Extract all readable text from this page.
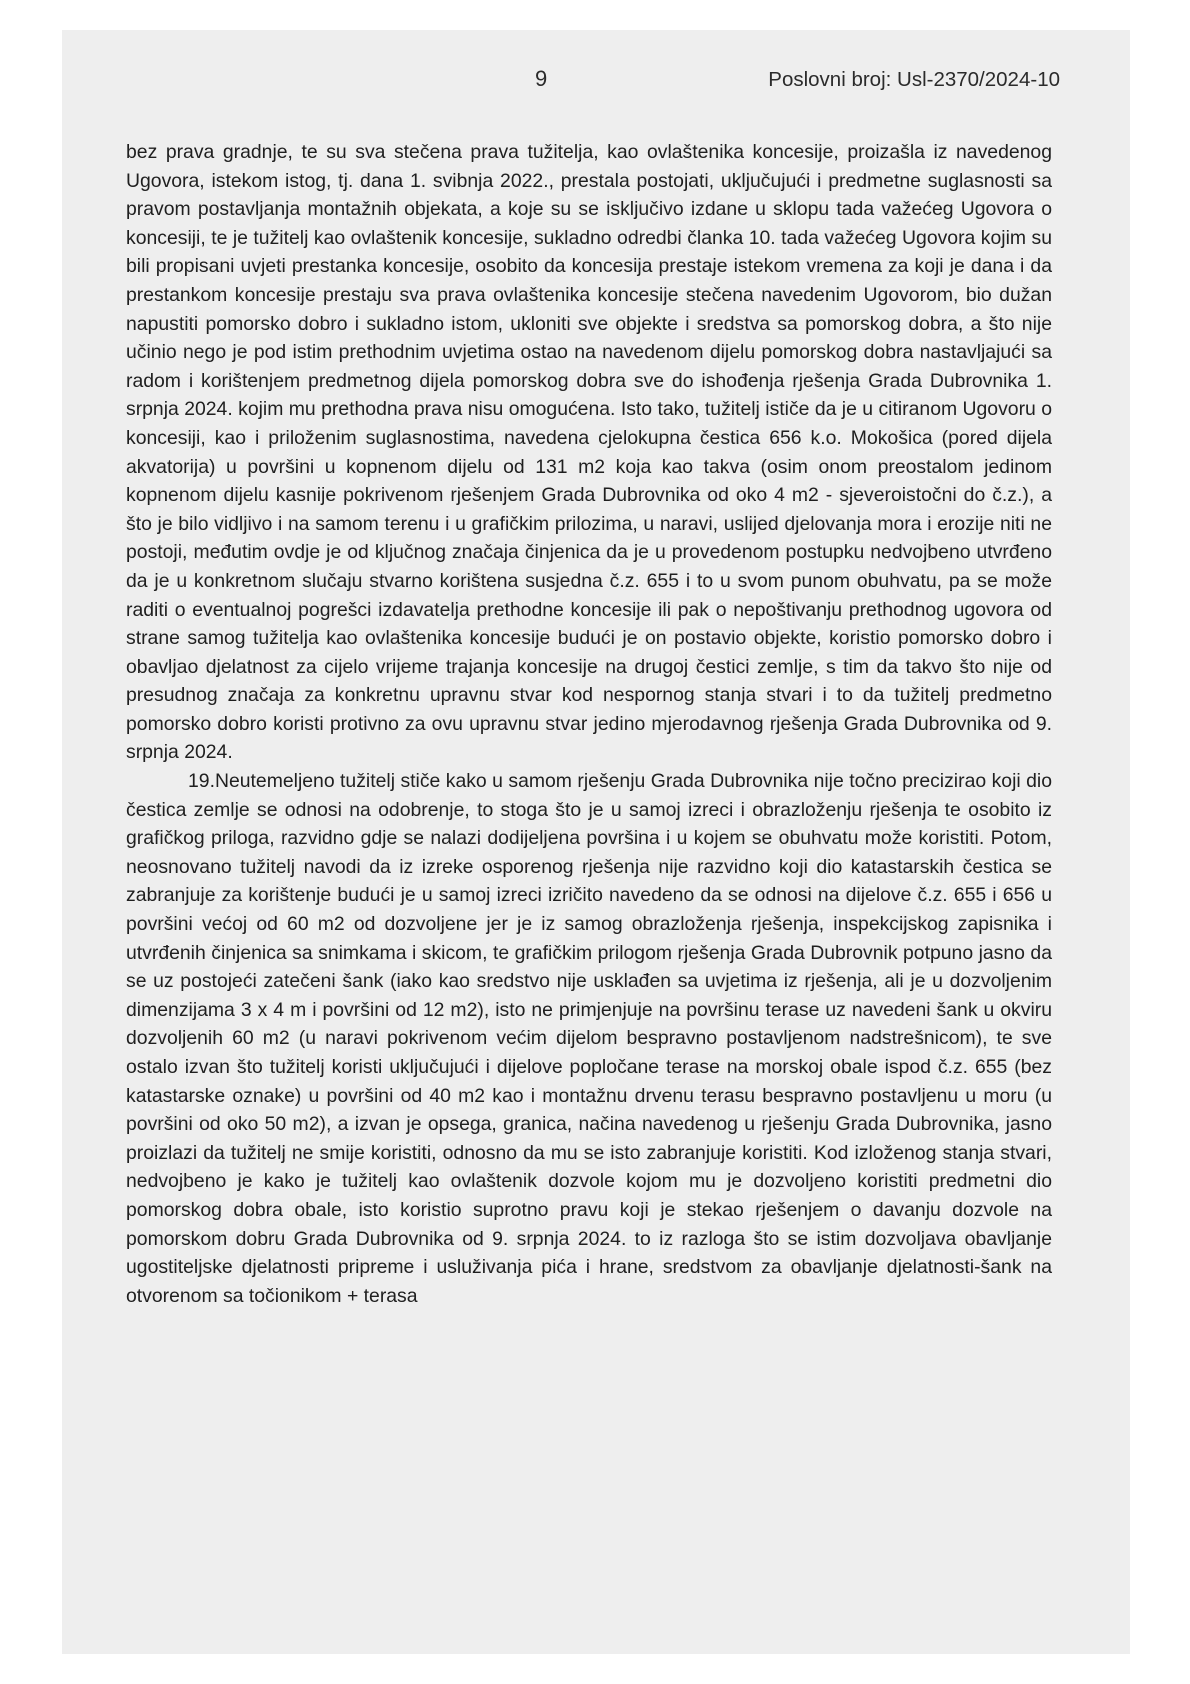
9	Poslovni broj: Usl-2370/2024-10

bez prava gradnje, te su sva stečena prava tužitelja, kao ovlaštenika koncesije, proizašla iz navedenog Ugovora, istekom istog, tj. dana 1. svibnja 2022., prestala postojati, uključujući i predmetne suglasnosti sa pravom postavljanja montažnih objekata, a koje su se isključivo izdane u sklopu tada važećeg Ugovora o koncesiji, te je tužitelj kao ovlaštenik koncesije, sukladno odredbi članka 10. tada važećeg Ugovora kojim su bili propisani uvjeti prestanka koncesije, osobito da koncesija prestaje istekom vremena za koji je dana i da prestankom koncesije prestaju sva prava ovlaštenika koncesije stečena navedenim Ugovorom, bio dužan napustiti pomorsko dobro i sukladno istom, ukloniti sve objekte i sredstva sa pomorskog dobra, a što nije učinio nego je pod istim prethodnim uvjetima ostao na navedenom dijelu pomorskog dobra nastavljajući sa radom i korištenjem predmetnog dijela pomorskog dobra sve do ishođenja rješenja Grada Dubrovnika 1. srpnja 2024. kojim mu prethodna prava nisu omogućena. Isto tako, tužitelj ističe da je u citiranom Ugovoru o koncesiji, kao i priloženim suglasnostima, navedena cjelokupna čestica 656 k.o. Mokošica (pored dijela akvatorija) u površini u kopnenom dijelu od 131 m2 koja kao takva (osim onom preostalom jedinom kopnenom dijelu kasnije pokrivenom rješenjem Grada Dubrovnika od oko 4 m2 - sjeveroistočni do č.z.), a što je bilo vidljivo i na samom terenu i u grafičkim prilozima, u naravi, uslijed djelovanja mora i erozije niti ne postoji, međutim ovdje je od ključnog značaja činjenica da je u provedenom postupku nedvojbeno utvrđeno da je u konkretnom slučaju stvarno korištena susjedna č.z. 655 i to u svom punom obuhvatu, pa se može raditi o eventualnoj pogrešci izdavatelja prethodne koncesije ili pak o nepoštivanju prethodnog ugovora od strane samog tužitelja kao ovlaštenika koncesije budući je on postavio objekte, koristio pomorsko dobro i obavljao djelatnost za cijelo vrijeme trajanja koncesije na drugoj čestici zemlje, s tim da takvo što nije od presudnog značaja za konkretnu upravnu stvar kod nespornog stanja stvari i to da tužitelj predmetno pomorsko dobro koristi protivno za ovu upravnu stvar jedino mjerodavnog rješenja Grada Dubrovnika od 9. srpnja 2024.

19.Neutemeljeno tužitelj stiče kako u samom rješenju Grada Dubrovnika nije točno precizirao koji dio čestica zemlje se odnosi na odobrenje, to stoga što je u samoj izreci i obrazloženju rješenja te osobito iz grafičkog priloga, razvidno gdje se nalazi dodijeljena površina i u kojem se obuhvatu može koristiti. Potom, neosnovano tužitelj navodi da iz izreke osporenog rješenja nije razvidno koji dio katastarskih čestica se zabranjuje za korištenje budući je u samoj izreci izričito navedeno da se odnosi na dijelove č.z. 655 i 656 u površini većoj od 60 m2 od dozvoljene jer je iz samog obrazloženja rješenja, inspekcijskog zapisnika i utvrđenih činjenica sa snimkama i skicom, te grafičkim prilogom rješenja Grada Dubrovnik potpuno jasno da se uz postojeći zatečeni šank (iako kao sredstvo nije usklađen sa uvjetima iz rješenja, ali je u dozvoljenim dimenzijama 3 x 4 m i površini od 12 m2), isto ne primjenjuje na površinu terase uz navedeni šank u okviru dozvoljenih 60 m2 (u naravi pokrivenom većim dijelom bespravno postavljenom nadstrešnicom), te sve ostalo izvan što tužitelj koristi uključujući i dijelove popločane terase na morskoj obale ispod č.z. 655 (bez katastarske oznake) u površini od 40 m2 kao i montažnu drvenu terasu bespravno postavljenu u moru (u površini od oko 50 m2), a izvan je opsega, granica, načina navedenog u rješenju Grada Dubrovnika, jasno proizlazi da tužitelj ne smije koristiti, odnosno da mu se isto zabranjuje koristiti. Kod izloženog stanja stvari, nedvojbeno je kako je tužitelj kao ovlaštenik dozvole kojom mu je dozvoljeno koristiti predmetni dio pomorskog dobra obale, isto koristio suprotno pravu koji je stekao rješenjem o davanju dozvole na pomorskom dobru Grada Dubrovnika od 9. srpnja 2024. to iz razloga što se istim dozvoljava obavljanje ugostiteljske djelatnosti pripreme i usluživanja pića i hrane, sredstvom za obavljanje djelatnosti-šank na otvorenom sa točionikom + terasa
